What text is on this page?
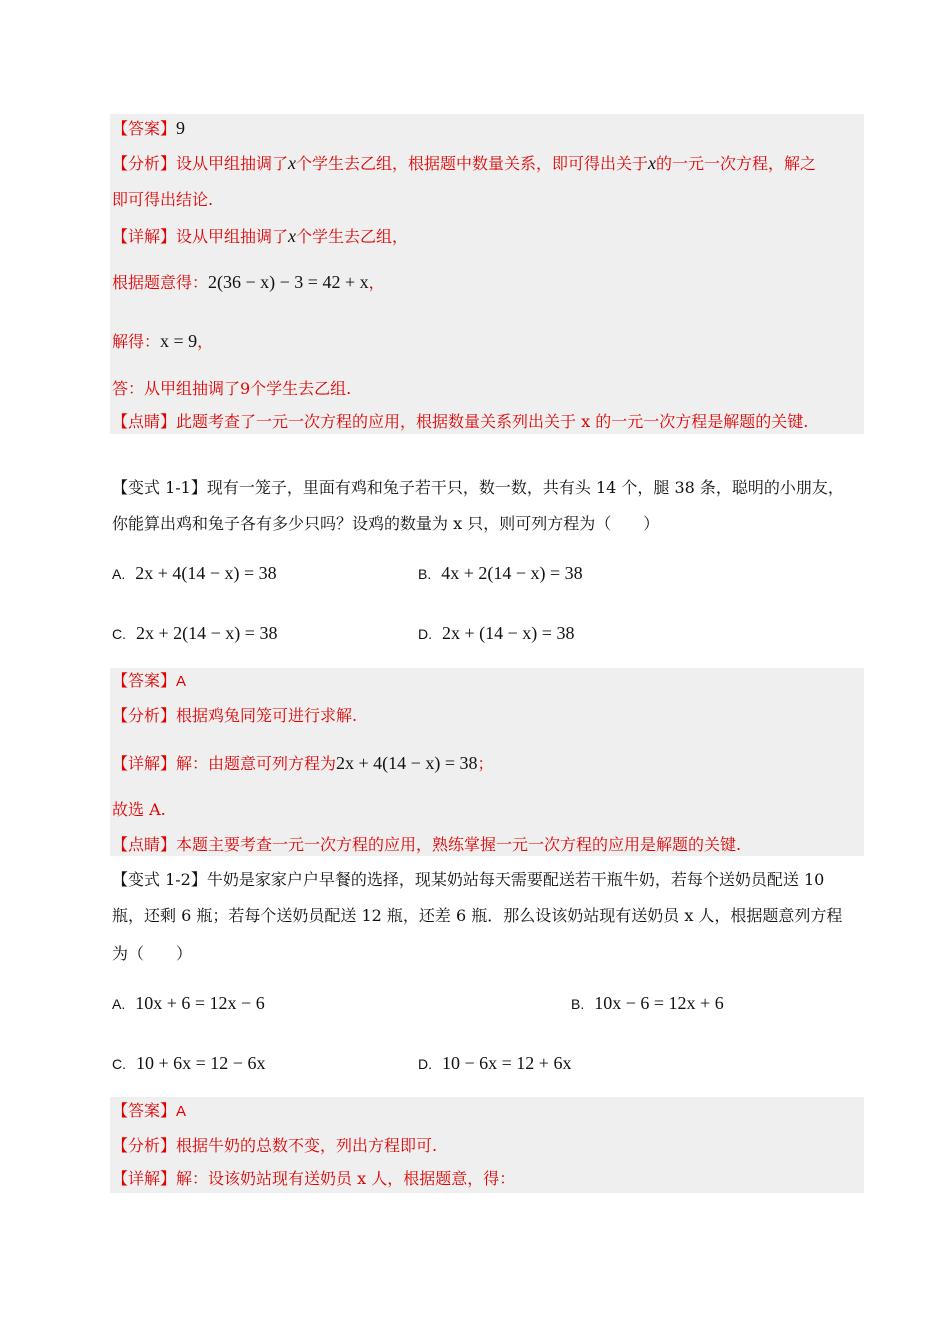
【答案】9
【分析】设从甲组抽调了x个学生去乙组，根据题中数量关系，即可得出关于x的一元一次方程，解之
即可得出结论.
【详解】设从甲组抽调了x个学生去乙组，
根据题意得：2(36 − x) − 3 = 42 + x，
解得：x = 9，
答：从甲组抽调了9个学生去乙组.
【点睛】此题考查了一元一次方程的应用，根据数量关系列出关于 x 的一元一次方程是解题的关键.
【变式 1-1】现有一笼子，里面有鸡和兔子若干只，数一数，共有头 14 个，腿 38 条，聪明的小朋友，
你能算出鸡和兔子各有多少只吗？设鸡的数量为 x 只，则可列方程为（　　）
A. 2x + 4(14 − x) = 38	B. 4x + 2(14 − x) = 38
C. 2x + 2(14 − x) = 38	D. 2x + (14 − x) = 38
【答案】A
【分析】根据鸡兔同笼可进行求解.
【详解】解：由题意可列方程为2x + 4(14 − x) = 38；
故选 A.
【点睛】本题主要考查一元一次方程的应用，熟练掌握一元一次方程的应用是解题的关键.
【变式 1-2】牛奶是家家户户早餐的选择，现某奶站每天需要配送若干瓶牛奶，若每个送奶员配送 10
瓶，还剩 6 瓶；若每个送奶员配送 12 瓶，还差 6 瓶．那么设该奶站现有送奶员 x 人，根据题意列方程
为（　　）
A. 10x + 6 = 12x − 6	B. 10x − 6 = 12x + 6
C. 10 + 6x = 12 − 6x	D. 10 − 6x = 12 + 6x
【答案】A
【分析】根据牛奶的总数不变，列出方程即可.
【详解】解：设该奶站现有送奶员 x 人，根据题意，得：
